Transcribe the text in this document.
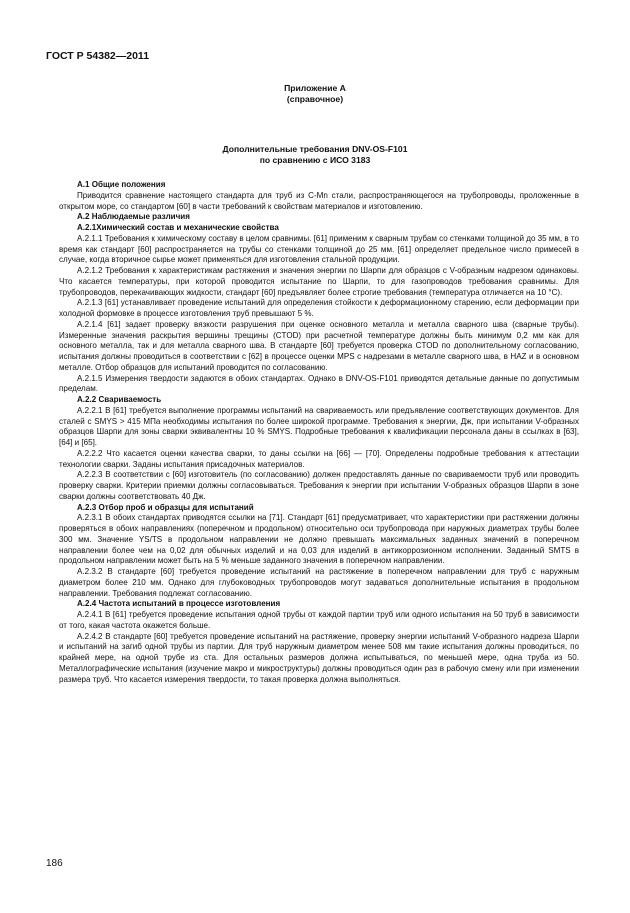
ГОСТ Р 54382—2011
Приложение А
(справочное)
Дополнительные требования DNV-OS-F101
по сравнению с ИСО 3183

A.1 Общие положения

Приводится сравнение настоящего стандарта для труб из C-Mn стали, распространяющегося на трубопроводы, проложенные в открытом море, со стандартом [60] в части требований к свойствам материалов и изготовлению.

A.2 Наблюдаемые различия

A.2.1Химический состав и механические свойства

A.2.1.1 Требования к химическому составу в целом сравнимы. [61] применим к сварным трубам со стенками толщиной до 35 мм, в то время как стандарт [60] распространяется на трубы со стенками толщиной до 25 мм. [61] определяет предельное число примесей в случае, когда вторичное сырье может применяться для изготовления стальной продукции.

A.2.1.2 Требования к характеристикам растяжения и значения энергии по Шарпи для образцов с V-образным надрезом одинаковы. Что касается температуры, при которой проводится испытание по Шарпи, то для газопроводов требования сравнимы. Для трубопроводов, перекачивающих жидкости, стандарт [60] предъявляет более строгие требования (температура отличается на 10 °C).

A.2.1.3 [61] устанавливает проведение испытаний для определения стойкости к деформационному старению, если деформации при холодной формовке в процессе изготовления труб превышают 5 %.

A.2.1.4 [61] задает проверку вязкости разрушения при оценке основного металла и металла сварного шва (сварные трубы). Измеренные значения раскрытия вершины трещины (CTOD) при расчетной температуре должны быть минимум 0,2 мм как для основного металла, так и для металла сварного шва. В стандарте [60] требуется проверка CTOD по дополнительному согласованию, испытания должны проводиться в соответствии с [62] в процессе оценки MPS с надрезами в металле сварного шва, в HAZ и в основном металле. Отбор образцов для испытаний проводится по согласованию.

A.2.1.5 Измерения твердости задаются в обоих стандартах. Однако в DNV-OS-F101 приводятся детальные данные по допустимым пределам.

A.2.2 Свариваемость

A.2.2.1 В [61] требуется выполнение программы испытаний на свариваемость или предъявление соответствующих документов. Для сталей с SMYS > 415 МПа необходимы испытания по более широкой программе. Требования к энергии, Дж, при испытании V-образных образцов Шарпи для зоны сварки эквивалентны 10 % SMYS. Подробные требования к квалификации персонала даны в ссылках в [63], [64] и [65].

A.2.2.2 Что касается оценки качества сварки, то даны ссылки на [66] — [70]. Определены подробные требования к аттестации технологии сварки. Заданы испытания присадочных материалов.

A.2.2.3 В соответствии с [60] изготовитель (по согласованию) должен предоставлять данные по свариваемости труб или проводить проверку сварки. Критерии приемки должны согласовываться. Требования к энергии при испытании V-образных образцов Шарпи в зоне сварки должны соответствовать 40 Дж.

A.2.3 Отбор проб и образцы для испытаний

A.2.3.1 В обоих стандартах приводятся ссылки на [71]. Стандарт [61] предусматривает, что характеристики при растяжении должны проверяться в обоих направлениях (поперечном и продольном) относительно оси трубопровода при наружных диаметрах трубы более 300 мм. Значение YS/TS в продольном направлении не должно превышать максимальных заданных значений в поперечном направлении более чем на 0,02 для обычных изделий и на 0,03 для изделий в антикоррозионном исполнении. Заданный SMTS в продольном направлении может быть на 5 % меньше заданного значения в поперечном направлении.

A.2.3.2 В стандарте [60] требуется проведение испытаний на растяжение в поперечном направлении для труб с наружным диаметром более 210 мм. Однако для глубоководных трубопроводов могут задаваться дополнительные испытания в продольном направлении. Требования подлежат согласованию.

A.2.4 Частота испытаний в процессе изготовления

A.2.4.1 В [61] требуется проведение испытания одной трубы от каждой партии труб или одного испытания на 50 труб в зависимости от того, какая частота окажется больше.

A.2.4.2 В стандарте [60] требуется проведение испытаний на растяжение, проверку энергии испытаний V-образного надреза Шарпи и испытаний на загиб одной трубы из партии. Для труб наружным диаметром менее 508 мм такие испытания должны проводиться, по крайней мере, на одной трубе из ста. Для остальных размеров должна испытываться, по меньшей мере, одна труба из 50. Металлографические испытания (изучение макро и микроструктуры) должны проводиться один раз в рабочую смену или при изменении размера труб. Что касается измерения твердости, то такая проверка должна выполняться.

186
